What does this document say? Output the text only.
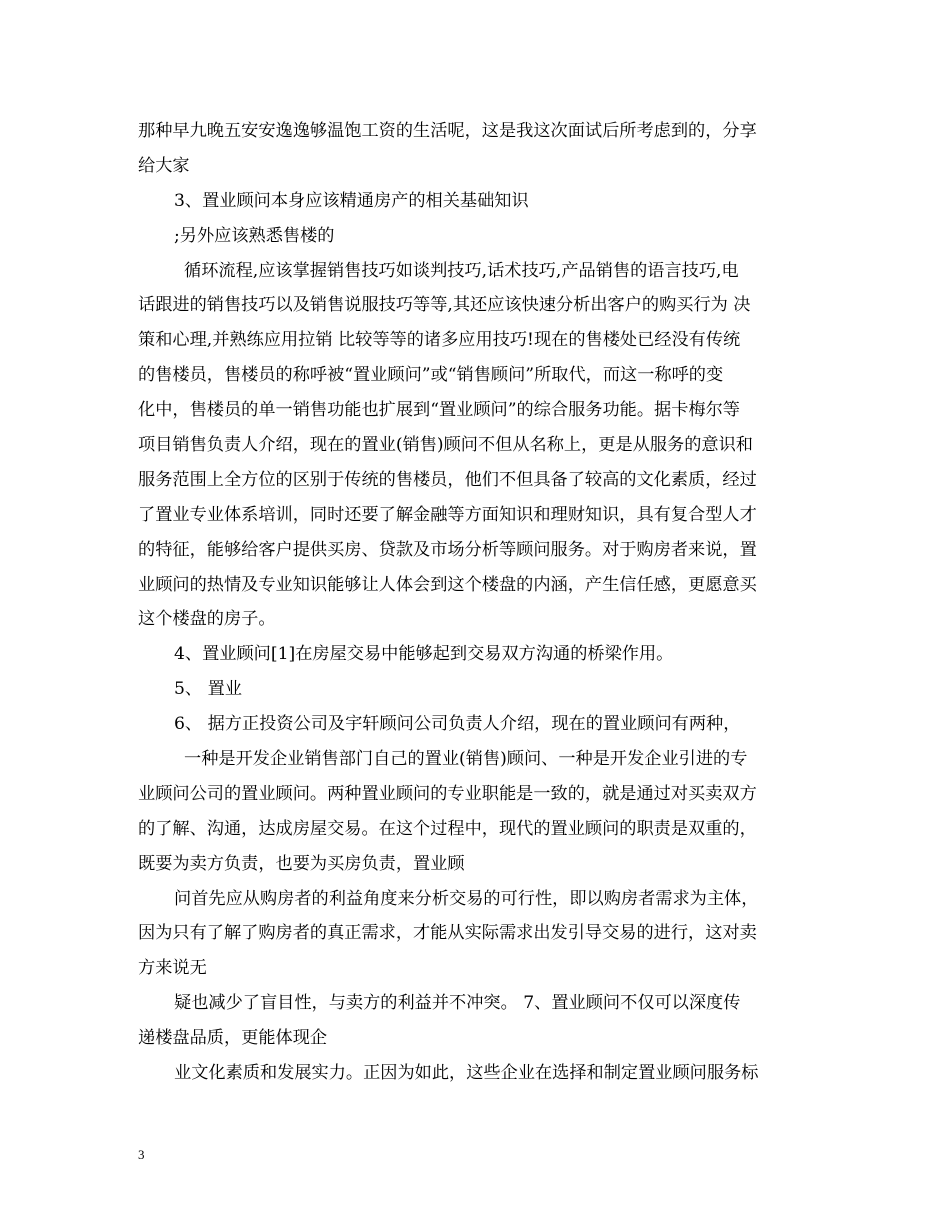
那种早九晚五安安逸逸够温饱工资的生活呢，这是我这次面试后所考虑到的，分享
给大家
3、置业顾问本身应该精通房产的相关基础知识
;另外应该熟悉售楼的
循环流程,应该掌握销售技巧如谈判技巧,话术技巧,产品销售的语言技巧,电
话跟进的销售技巧以及销售说服技巧等等,其还应该快速分析出客户的购买行为 决
策和心理,并熟练应用拉销 比较等等的诸多应用技巧!现在的售楼处已经没有传统
的售楼员，售楼员的称呼被“置业顾问”或“销售顾问”所取代，而这一称呼的变
化中，售楼员的单一销售功能也扩展到“置业顾问”的综合服务功能。据卡梅尔等
项目销售负责人介绍，现在的置业(销售)顾问不但从名称上，更是从服务的意识和
服务范围上全方位的区别于传统的售楼员，他们不但具备了较高的文化素质，经过
了置业专业体系培训，同时还要了解金融等方面知识和理财知识，具有复合型人才
的特征，能够给客户提供买房、贷款及市场分析等顾问服务。对于购房者来说，置
业顾问的热情及专业知识能够让人体会到这个楼盘的内涵，产生信任感，更愿意买
这个楼盘的房子。
4、置业顾问[1]在房屋交易中能够起到交易双方沟通的桥梁作用。
5、 置业
6、 据方正投资公司及宇轩顾问公司负责人介绍，现在的置业顾问有两种，
一种是开发企业销售部门自己的置业(销售)顾问、一种是开发企业引进的专
业顾问公司的置业顾问。两种置业顾问的专业职能是一致的，就是通过对买卖双方
的了解、沟通，达成房屋交易。在这个过程中，现代的置业顾问的职责是双重的，
既要为卖方负责，也要为买房负责，置业顾
问首先应从购房者的利益角度来分析交易的可行性，即以购房者需求为主体，
因为只有了解了购房者的真正需求，才能从实际需求出发引导交易的进行，这对卖
方来说无
疑也减少了盲目性，与卖方的利益并不冲突。 7、置业顾问不仅可以深度传
递楼盘品质，更能体现企
业文化素质和发展实力。正因为如此，这些企业在选择和制定置业顾问服务标
3
